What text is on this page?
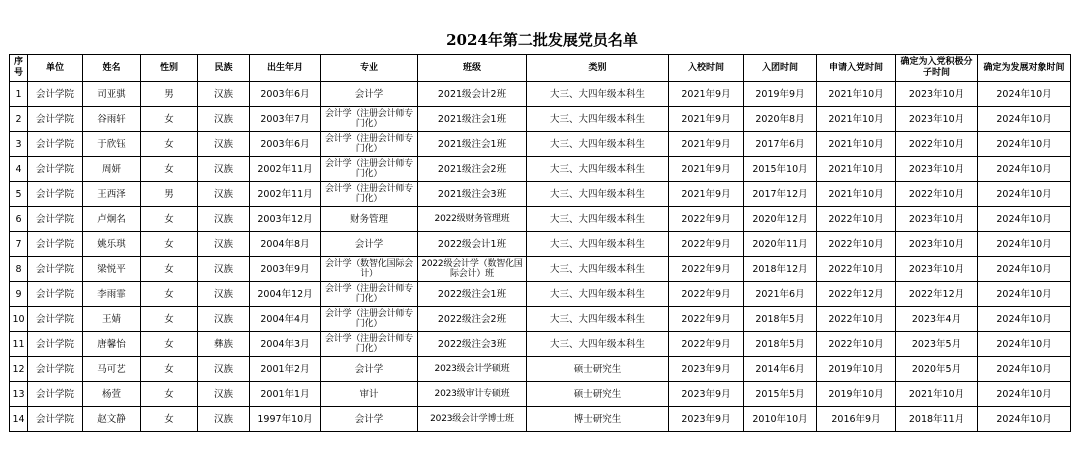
2024年第二批发展党员名单
序号	单位	姓名	性别	民族	出生年月	专业	班级	类别	入校时间	入团时间	申请入党时间	确定为入党积极分子时间	确定为发展对象时间
1	会计学院	司亚骐	男	汉族	2003年6月	会计学	2021级会计2班	大三、大四年级本科生	2021年9月	2019年9月	2021年10月	2023年10月	2024年10月
2	会计学院	谷雨轩	女	汉族	2003年7月	会计学（注册会计师专门化）	2021级注会1班	大三、大四年级本科生	2021年9月	2020年8月	2021年10月	2023年10月	2024年10月
3	会计学院	于欣钰	女	汉族	2003年6月	会计学（注册会计师专门化）	2021级注会1班	大三、大四年级本科生	2021年9月	2017年6月	2021年10月	2022年10月	2024年10月
4	会计学院	周妍	女	汉族	2002年11月	会计学（注册会计师专门化）	2021级注会2班	大三、大四年级本科生	2021年9月	2015年10月	2021年10月	2023年10月	2024年10月
5	会计学院	王西泽	男	汉族	2002年11月	会计学（注册会计师专门化）	2021级注会3班	大三、大四年级本科生	2021年9月	2017年12月	2021年10月	2022年10月	2024年10月
6	会计学院	卢炯名	女	汉族	2003年12月	财务管理	2022级财务管理班	大三、大四年级本科生	2022年9月	2020年12月	2022年10月	2023年10月	2024年10月
7	会计学院	姚乐琪	女	汉族	2004年8月	会计学	2022级会计1班	大三、大四年级本科生	2022年9月	2020年11月	2022年10月	2023年10月	2024年10月
8	会计学院	梁悦平	女	汉族	2003年9月	会计学（数智化国际会计）	2022级会计学（数智化国际会计）班	大三、大四年级本科生	2022年9月	2018年12月	2022年10月	2023年10月	2024年10月
9	会计学院	李雨霏	女	汉族	2004年12月	会计学（注册会计师专门化）	2022级注会1班	大三、大四年级本科生	2022年9月	2021年6月	2022年12月	2022年12月	2024年10月
10	会计学院	王婧	女	汉族	2004年4月	会计学（注册会计师专门化）	2022级注会2班	大三、大四年级本科生	2022年9月	2018年5月	2022年10月	2023年4月	2024年10月
11	会计学院	唐馨怡	女	彝族	2004年3月	会计学（注册会计师专门化）	2022级注会3班	大三、大四年级本科生	2022年9月	2018年5月	2022年10月	2023年5月	2024年10月
12	会计学院	马可艺	女	汉族	2001年2月	会计学	2023级会计学硕班	硕士研究生	2023年9月	2014年6月	2019年10月	2020年5月	2024年10月
13	会计学院	杨萱	女	汉族	2001年1月	审计	2023级审计专硕班	硕士研究生	2023年9月	2015年5月	2019年10月	2021年10月	2024年10月
14	会计学院	赵文静	女	汉族	1997年10月	会计学	2023级会计学博士班	博士研究生	2023年9月	2010年10月	2016年9月	2018年11月	2024年10月
